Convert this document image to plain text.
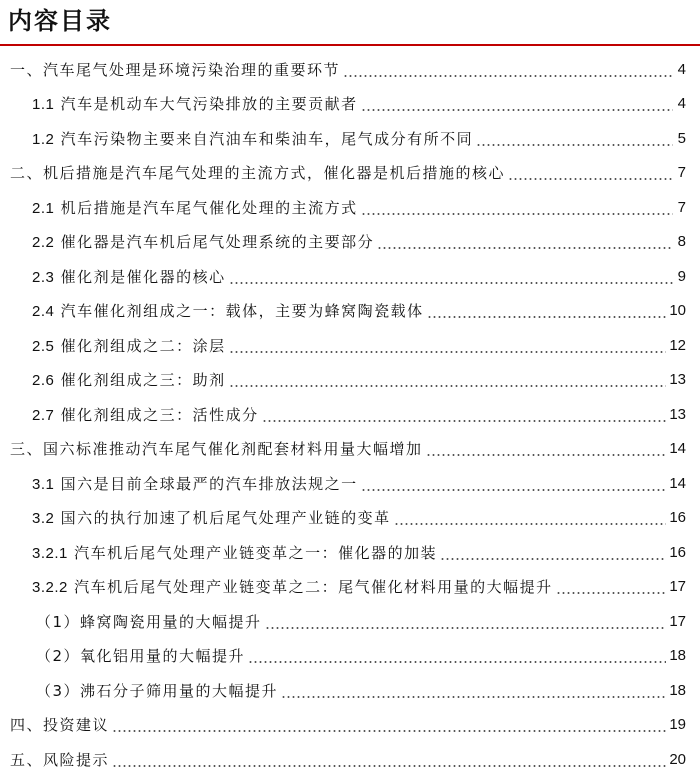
内容目录
一、汽车尾气处理是环境污染治理的重要环节	4
1.1 汽车是机动车大气污染排放的主要贡献者	4
1.2 汽车污染物主要来自汽油车和柴油车，尾气成分有所不同	5
二、机后措施是汽车尾气处理的主流方式，催化器是机后措施的核心	7
2.1 机后措施是汽车尾气催化处理的主流方式	7
2.2 催化器是汽车机后尾气处理系统的主要部分	8
2.3 催化剂是催化器的核心	9
2.4 汽车催化剂组成之一：载体，主要为蜂窝陶瓷载体	10
2.5 催化剂组成之二：涂层	12
2.6 催化剂组成之三：助剂	13
2.7 催化剂组成之三：活性成分	13
三、国六标准推动汽车尾气催化剂配套材料用量大幅增加	14
3.1 国六是目前全球最严的汽车排放法规之一	14
3.2 国六的执行加速了机后尾气处理产业链的变革	16
3.2.1 汽车机后尾气处理产业链变革之一：催化器的加装	16
3.2.2 汽车机后尾气处理产业链变革之二：尾气催化材料用量的大幅提升	17
（1）蜂窝陶瓷用量的大幅提升	17
（2）氧化铝用量的大幅提升	18
（3）沸石分子筛用量的大幅提升	18
四、投资建议	19
五、风险提示	20
